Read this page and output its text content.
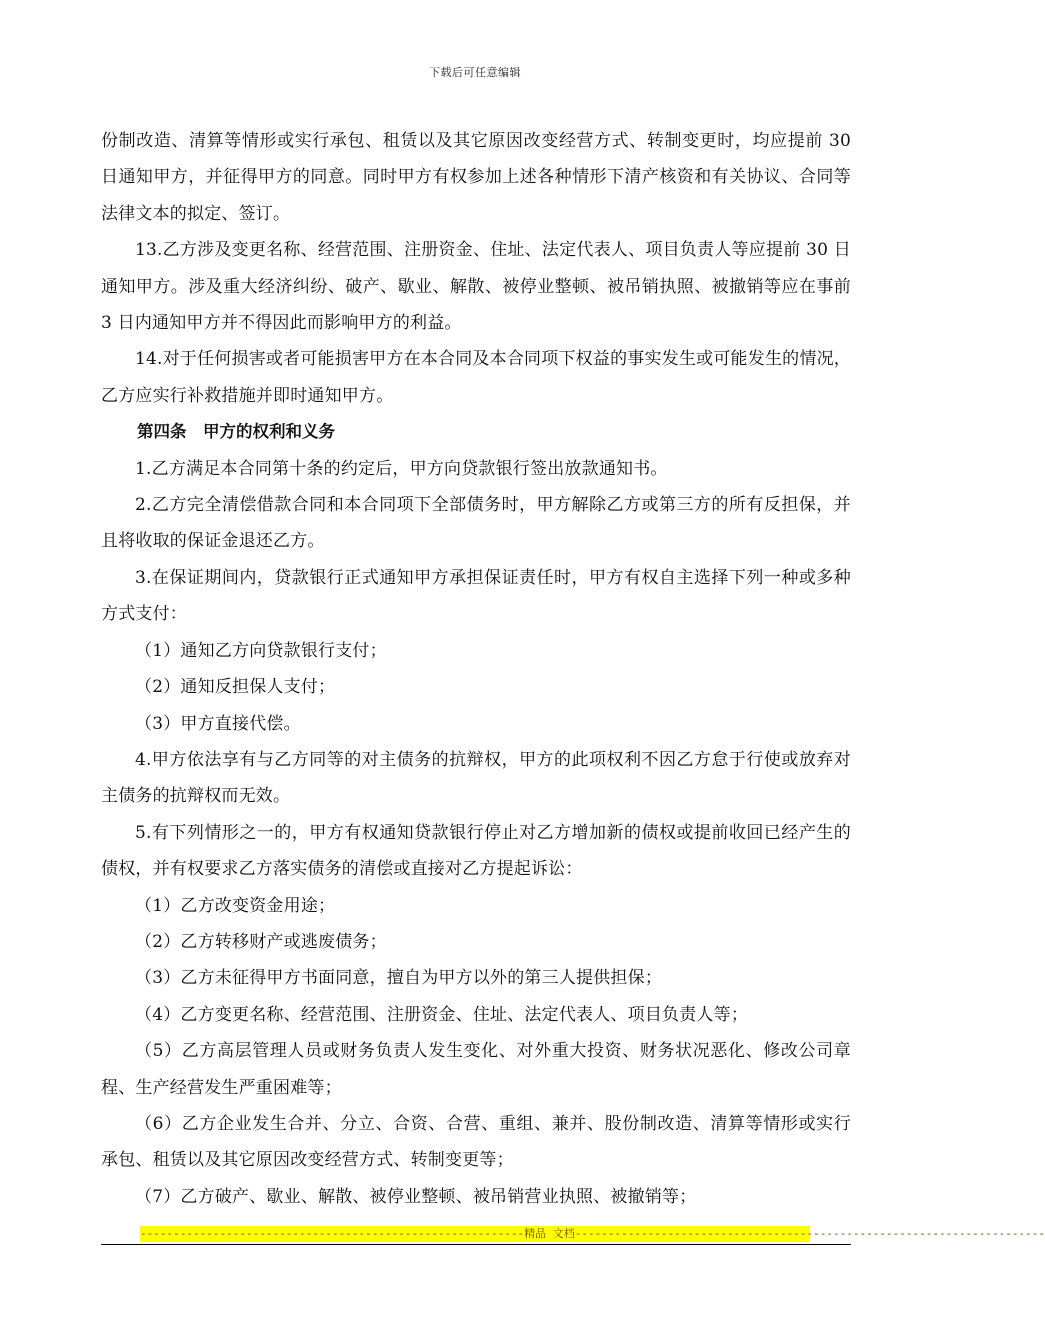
下载后可任意编辑

份制改造、清算等情形或实行承包、租赁以及其它原因改变经营方式、转制变更时，均应提前 30 日通知甲方，并征得甲方的同意。同时甲方有权参加上述各种情形下清产核资和有关协议、合同等法律文本的拟定、签订。

13.乙方涉及变更名称、经营范围、注册资金、住址、法定代表人、项目负责人等应提前 30 日通知甲方。涉及重大经济纠纷、破产、歇业、解散、被停业整顿、被吊销执照、被撤销等应在事前 3 日内通知甲方并不得因此而影响甲方的利益。

14.对于任何损害或者可能损害甲方在本合同及本合同项下权益的事实发生或可能发生的情况，乙方应实行补救措施并即时通知甲方。

第四条　甲方的权利和义务

1.乙方满足本合同第十条的约定后，甲方向贷款银行签出放款通知书。

2.乙方完全清偿借款合同和本合同项下全部债务时，甲方解除乙方或第三方的所有反担保，并且将收取的保证金退还乙方。

3.在保证期间内，贷款银行正式通知甲方承担保证责任时，甲方有权自主选择下列一种或多种方式支付：

（1）通知乙方向贷款银行支付；

（2）通知反担保人支付；

（3）甲方直接代偿。

4.甲方依法享有与乙方同等的对主债务的抗辩权，甲方的此项权利不因乙方怠于行使或放弃对主债务的抗辩权而无效。

5.有下列情形之一的，甲方有权通知贷款银行停止对乙方增加新的债权或提前收回已经产生的债权，并有权要求乙方落实债务的清偿或直接对乙方提起诉讼：

（1）乙方改变资金用途；

（2）乙方转移财产或逃废债务；

（3）乙方未征得甲方书面同意，擅自为甲方以外的第三人提供担保；

（4）乙方变更名称、经营范围、注册资金、住址、法定代表人、项目负责人等；

（5）乙方高层管理人员或财务负责人发生变化、对外重大投资、财务状况恶化、修改公司章程、生产经营发生严重困难等；

（6）乙方企业发生合并、分立、合资、合营、重组、兼并、股份制改造、清算等情形或实行承包、租赁以及其它原因改变经营方式、转制变更等；

（7）乙方破产、歇业、解散、被停业整顿、被吊销营业执照、被撤销等；

----------------------------------------------------------精品 文档-----------------------------------------------------------------------
